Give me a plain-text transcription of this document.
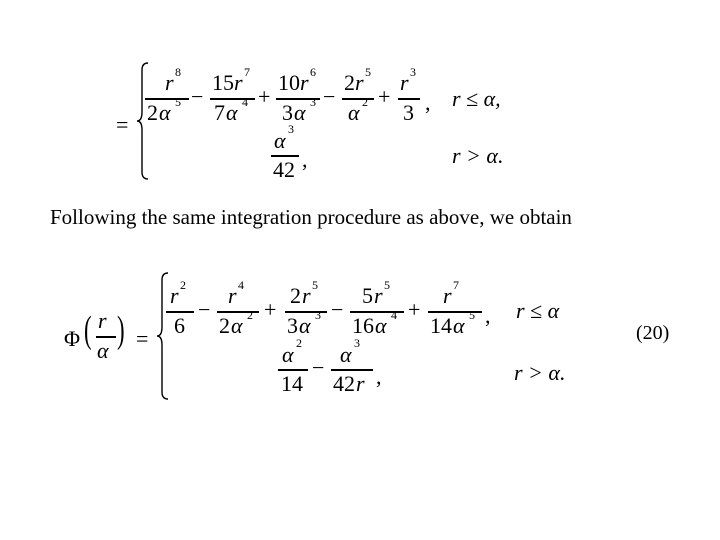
=
r 8
2 α 5 −
15 r 7
7 α 4 +
10 r 6
3 α 3 −
2 r 5
α 2 +
r 3
3 , r ≤ α,
α 3
42 ,	r > α.
Following the same integration procedure as above, we obtain
Φ ( r
α ) =
r 2
6
−
r 4
2 α 2 +
2 r 5
3 α 3 −
5 r 5
16 α 4 +
r 7
14 α 5 , r ≤ α
α 2
14
−
α 3
42 r ,	r > α.
(20)
